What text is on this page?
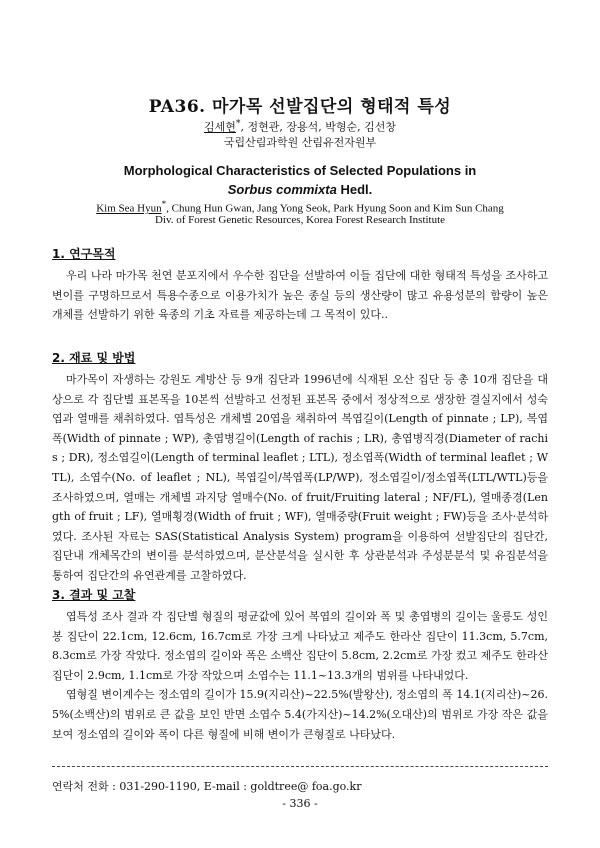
PA36. 마가목 선발집단의 형태적 특성
김세현*, 정현관, 장용석, 박형순, 김선창
국립산림과학원 산림유전자원부
Morphological Characteristics of Selected Populations in
Sorbus commixta Hedl.
Kim Sea Hyun*, Chung Hun Gwan, Jang Yong Seok, Park Hyung Soon and Kim Sun Chang
Div. of Forest Genetic Resources, Korea Forest Research Institute
1. 연구목적

우리 나라 마가목 천연 분포지에서 우수한 집단을 선발하여 이들 집단에 대한 형태적 특성을 조사하고 변이를 구명하므로서 특용수종으로 이용가치가 높은 종실 등의 생산량이 많고 유용성분의 함량이 높은 개체를 선발하기 위한 육종의 기초 자료를 제공하는데 그 목적이 있다..

2. 재료 및 방법

마가목이 자생하는 강원도 계방산 등 9개 집단과 1996년에 식재된 오산 집단 등 총 10개 집단을 대상으로 각 집단별 표본목을 10본씩 선발하고 선정된 표본목 중에서 정상적으로 생장한 결실지에서 성숙엽과 열매를 채취하였다. 엽특성은 개체별 20엽을 채취하여 복엽길이(Length of pinnate ; LP), 복엽폭(Width of pinnate ; WP), 총엽병길이(Length of rachis ; LR), 총엽병직경(Diameter of rachis ; DR), 정소엽길이(Length of terminal leaflet ; LTL), 정소엽폭(Width of terminal leaflet ; WTL), 소엽수(No. of leaflet ; NL), 복엽길이/복엽폭(LP/WP), 정소엽길이/정소엽폭(LTL/WTL)등을 조사하였으며, 열매는 개체별 과지당 열매수(No. of fruit/Fruiting lateral ; NF/FL), 열매종경(Length of fruit ; LF), 열매횡경(Width of fruit ; WF), 열매중량(Fruit weight ; FW)등을 조사·분석하였다. 조사된 자료는 SAS(Statistical Analysis System) program을 이용하여 선발집단의 집단간, 집단내 개체목간의 변이를 분석하였으며, 분산분석을 실시한 후 상관분석과 주성분분석 및 유집분석을 통하여 집단간의 유연관계를 고찰하였다.

3. 결과 및 고찰

엽특성 조사 결과 각 집단별 형질의 평균값에 있어 복엽의 길이와 폭 및 총엽병의 길이는 울릉도 성인봉 집단이 22.1cm, 12.6cm, 16.7cm로 가장 크게 나타났고 제주도 한라산 집단이 11.3cm, 5.7cm, 8.3cm로 가장 작았다. 정소엽의 길이와 폭은 소백산 집단이 5.8cm, 2.2cm로 가장 컸고 제주도 한라산 집단이 2.9cm, 1.1cm로 가장 작았으며 소엽수는 11.1~13.3개의 범위를 나타내었다.

엽형질 변이계수는 정소엽의 길이가 15.9(지리산)~22.5%(발왕산), 정소엽의 폭 14.1(지리산)~26.5%(소백산)의 범위로 큰 값을 보인 반면 소엽수 5.4(가지산)~14.2%(오대산)의 범위로 가장 작은 값을 보여 정소엽의 길이와 폭이 다른 형질에 비해 변이가 큰형질로 나타났다.

연락처 전화 : 031-290-1190, E-mail : goldtree@ foa.go.kr
- 336 -
